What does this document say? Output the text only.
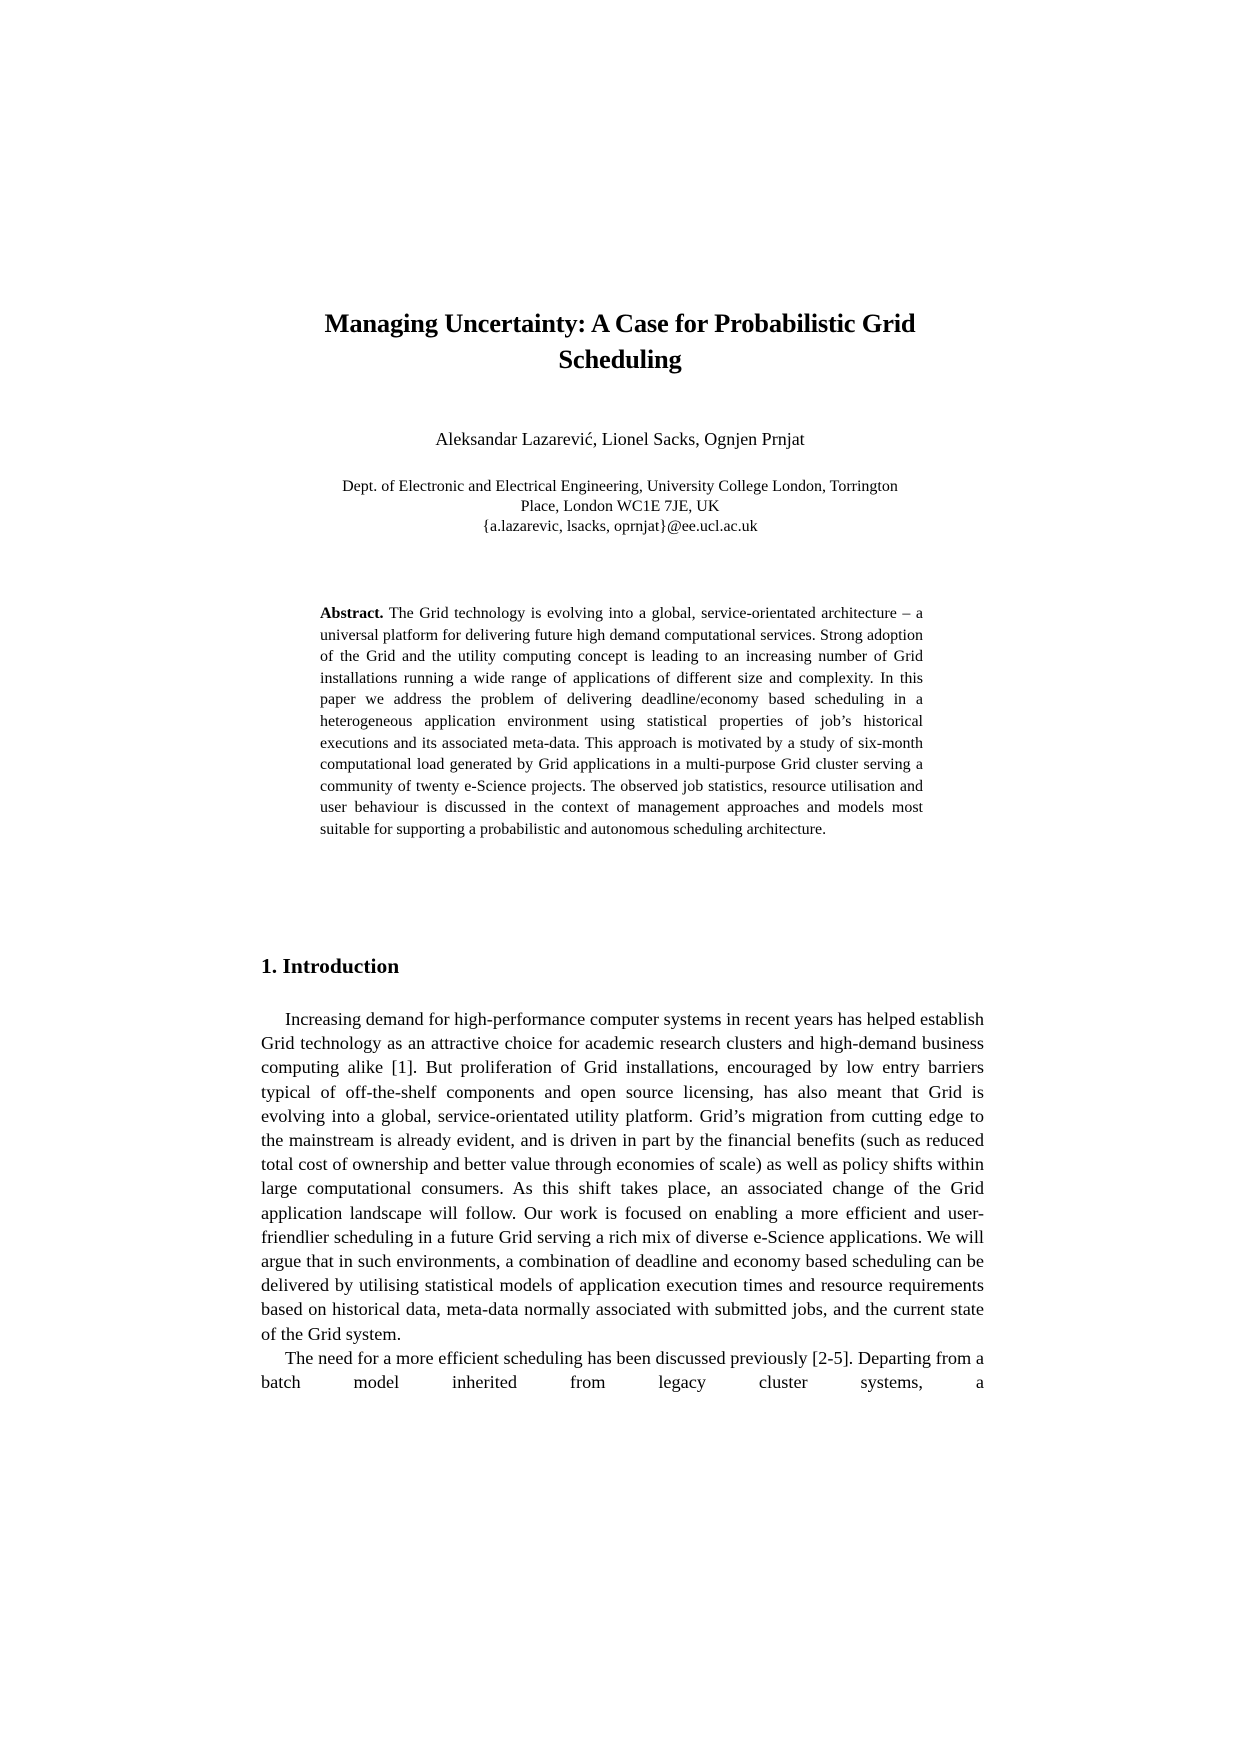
Managing Uncertainty: A Case for Probabilistic Grid Scheduling
Aleksandar Lazarević, Lionel Sacks, Ognjen Prnjat
Dept. of Electronic and Electrical Engineering, University College London, Torrington
Place, London WC1E 7JE, UK
{a.lazarevic, lsacks, oprnjat}@ee.ucl.ac.uk
Abstract. The Grid technology is evolving into a global, service-orientated architecture – a universal platform for delivering future high demand computational services. Strong adoption of the Grid and the utility computing concept is leading to an increasing number of Grid installations running a wide range of applications of different size and complexity. In this paper we address the problem of delivering deadline/economy based scheduling in a heterogeneous application environment using statistical properties of job’s historical executions and its associated meta-data. This approach is motivated by a study of six-month computational load generated by Grid applications in a multi-purpose Grid cluster serving a community of twenty e-Science projects. The observed job statistics, resource utilisation and user behaviour is discussed in the context of management approaches and models most suitable for supporting a probabilistic and autonomous scheduling architecture.
1. Introduction

Increasing demand for high-performance computer systems in recent years has helped establish Grid technology as an attractive choice for academic research clusters and high-demand business computing alike [1]. But proliferation of Grid installations, encouraged by low entry barriers typical of off-the-shelf components and open source licensing, has also meant that Grid is evolving into a global, service-orientated utility platform. Grid’s migration from cutting edge to the mainstream is already evident, and is driven in part by the financial benefits (such as reduced total cost of ownership and better value through economies of scale) as well as policy shifts within large computational consumers. As this shift takes place, an associated change of the Grid application landscape will follow. Our work is focused on enabling a more efficient and user-friendlier scheduling in a future Grid serving a rich mix of diverse e-Science applications. We will argue that in such environments, a combination of deadline and economy based scheduling can be delivered by utilising statistical models of application execution times and resource requirements based on historical data, meta-data normally associated with submitted jobs, and the current state of the Grid system.

The need for a more efficient scheduling has been discussed previously [2-5]. Departing from a batch model inherited from legacy cluster systems, a
